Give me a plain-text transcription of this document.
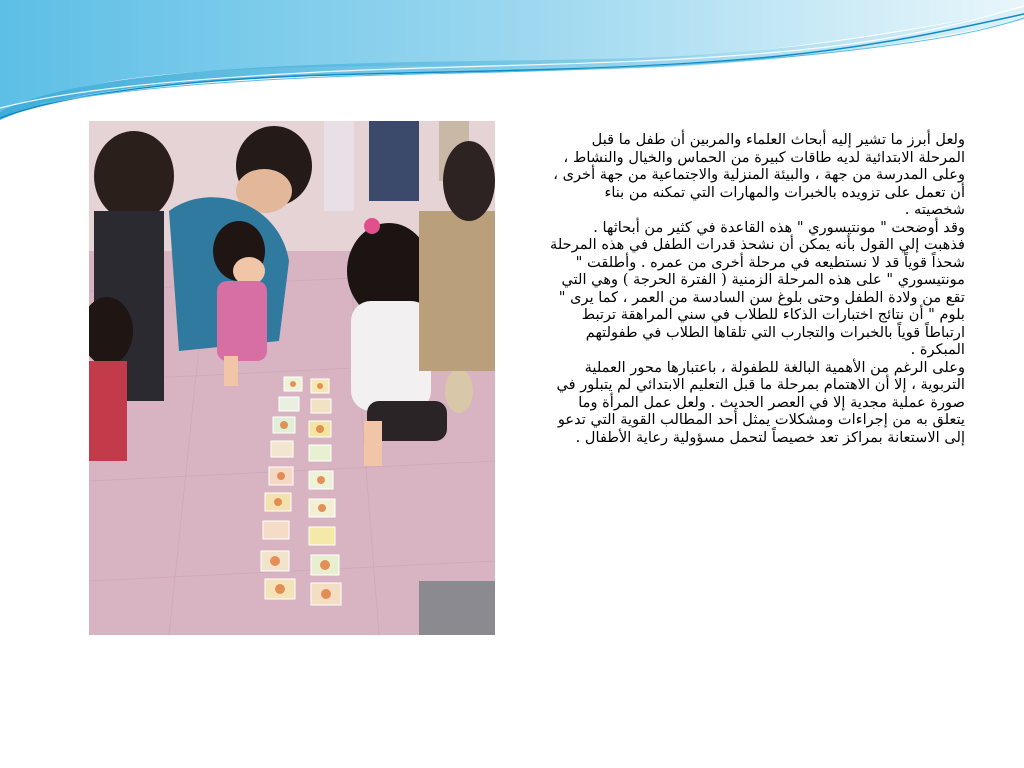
ولعل أبرز ما تشير إليه أبحاث العلماء والمربين أن طفل ما قبل المرحلة الابتدائية لديه طاقات كبيرة من الحماس والخيال والنشاط ، وعلى المدرسة من جهة ، والبيئة المنزلية والاجتماعية من جهة أخرى ، أن تعمل على تزويده بالخبرات والمهارات التي تمكنه من بناء شخصيته .

وقد أوضحت " مونتيسوري " هذه القاعدة في كثير من أبحاثها . فذهبت إلي القول بأنه يمكن أن نشحذ قدرات الطفل في هذه المرحلة شحذاً قوياً قد لا نستطيعه في مرحلة أخرى من عمره . وأطلقت " مونتيسوري " على هذه المرحلة الزمنية ( الفترة الحرجة ) وهي التي تقع من ولادة الطفل وحتى بلوغ سن السادسة من العمر ، كما يرى " بلوم " أن نتائج اختبارات الذكاء للطلاب في سني المراهقة ترتبط ارتباطاً قوياً بالخبرات والتجارب التي تلقاها الطلاب في طفولتهم المبكرة .

وعلى الرغم من الأهمية البالغة للطفولة ، باعتبارها محور العملية التربوية ، إلا أن الاهتمام بمرحلة ما قبل التعليم الابتدائي لم يتبلور في صورة عملية مجدية إلا في العصر الحديث . ولعل عمل المرأة وما يتعلق به من إجراءات ومشكلات يمثل أحد المطالب القوية التي تدعو إلى الاستعانة بمراكز تعد خصيصاً لتحمل مسؤولية رعاية الأطفال .
